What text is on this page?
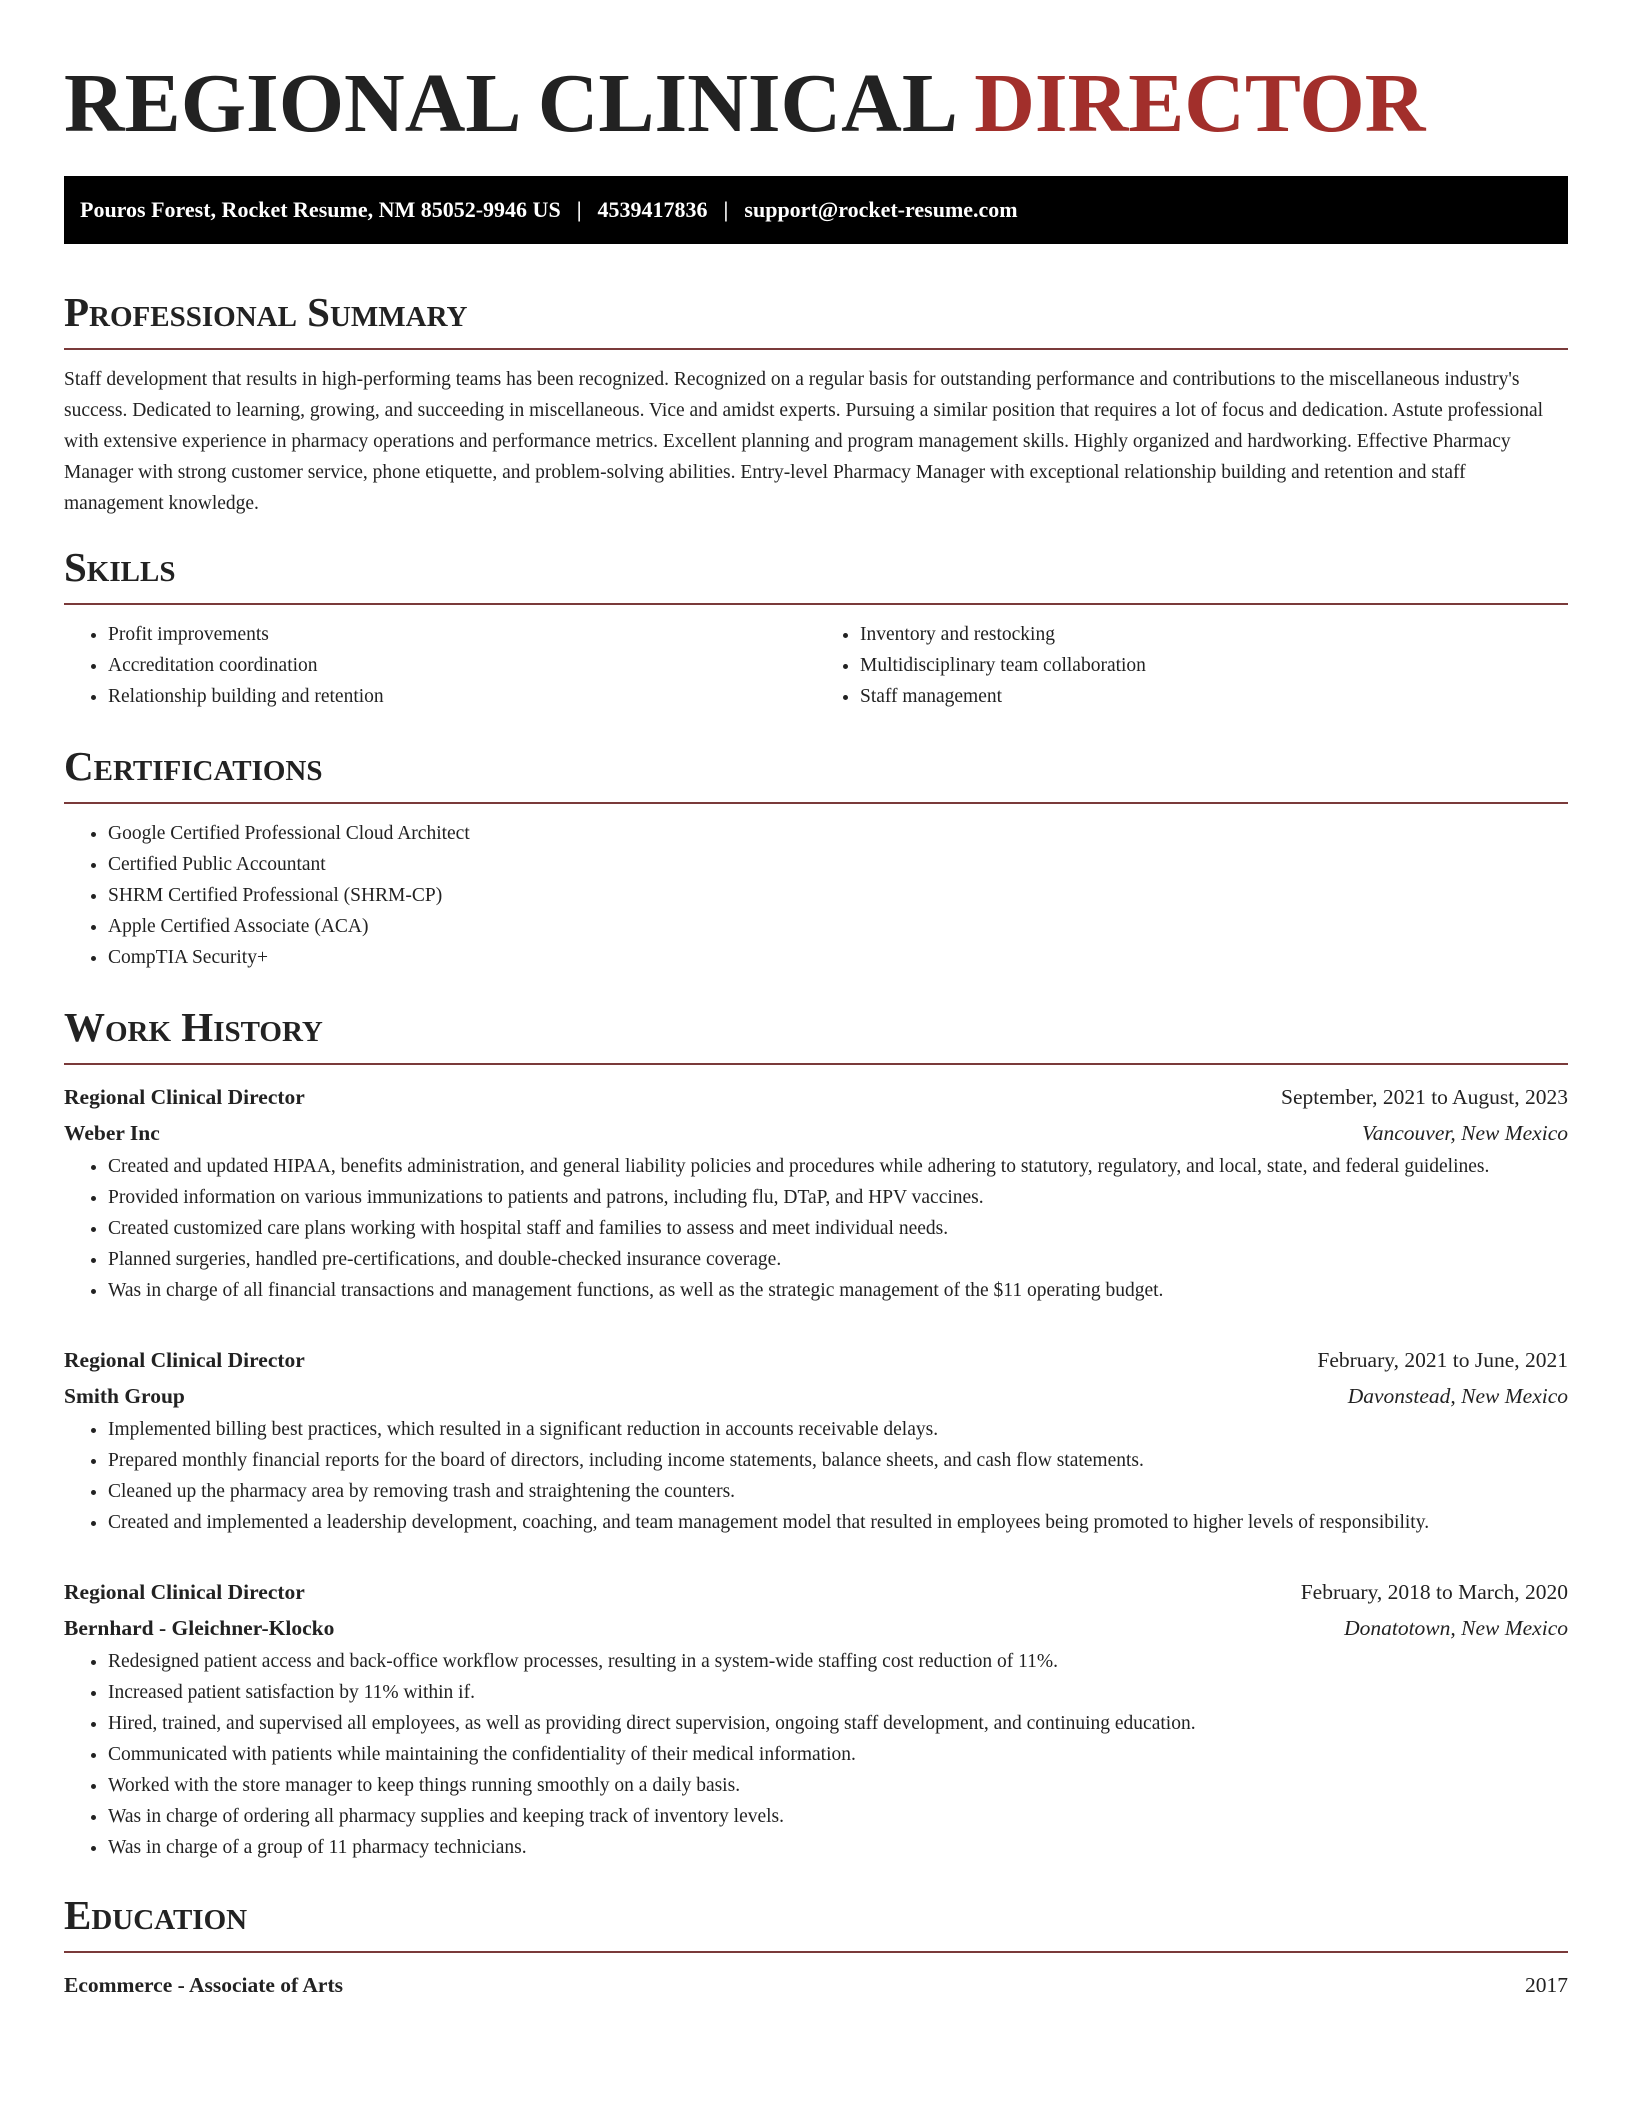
REGIONAL CLINICAL DIRECTOR
Pouros Forest, Rocket Resume, NM 85052-9946 US | 4539417836 | support@rocket-resume.com
Professional Summary

Staff development that results in high-performing teams has been recognized. Recognized on a regular basis for outstanding performance and contributions to the miscellaneous industry's success. Dedicated to learning, growing, and succeeding in miscellaneous. Vice and amidst experts. Pursuing a similar position that requires a lot of focus and dedication. Astute professional with extensive experience in pharmacy operations and performance metrics. Excellent planning and program management skills. Highly organized and hardworking. Effective Pharmacy Manager with strong customer service, phone etiquette, and problem-solving abilities. Entry-level Pharmacy Manager with exceptional relationship building and retention and staff management knowledge.

Skills
• Profit improvements
• Accreditation coordination
• Relationship building and retention
• Inventory and restocking
• Multidisciplinary team collaboration
• Staff management
Certifications
• Google Certified Professional Cloud Architect
• Certified Public Accountant
• SHRM Certified Professional (SHRM-CP)
• Apple Certified Associate (ACA)
• CompTIA Security+
Work History
Regional Clinical Director	September, 2021 to August, 2023
Weber Inc	Vancouver, New Mexico
• Created and updated HIPAA, benefits administration, and general liability policies and procedures while adhering to statutory, regulatory, and local, state, and federal guidelines.
• Provided information on various immunizations to patients and patrons, including flu, DTaP, and HPV vaccines.
• Created customized care plans working with hospital staff and families to assess and meet individual needs.
• Planned surgeries, handled pre-certifications, and double-checked insurance coverage.
• Was in charge of all financial transactions and management functions, as well as the strategic management of the $11 operating budget.
Regional Clinical Director	February, 2021 to June, 2021
Smith Group	Davonstead, New Mexico
• Implemented billing best practices, which resulted in a significant reduction in accounts receivable delays.
• Prepared monthly financial reports for the board of directors, including income statements, balance sheets, and cash flow statements.
• Cleaned up the pharmacy area by removing trash and straightening the counters.
• Created and implemented a leadership development, coaching, and team management model that resulted in employees being promoted to higher levels of responsibility.
Regional Clinical Director	February, 2018 to March, 2020
Bernhard - Gleichner-Klocko	Donatotown, New Mexico
• Redesigned patient access and back-office workflow processes, resulting in a system-wide staffing cost reduction of 11%.
• Increased patient satisfaction by 11% within if.
• Hired, trained, and supervised all employees, as well as providing direct supervision, ongoing staff development, and continuing education.
• Communicated with patients while maintaining the confidentiality of their medical information.
• Worked with the store manager to keep things running smoothly on a daily basis.
• Was in charge of ordering all pharmacy supplies and keeping track of inventory levels.
• Was in charge of a group of 11 pharmacy technicians.
Education
Ecommerce - Associate of Arts	2017
